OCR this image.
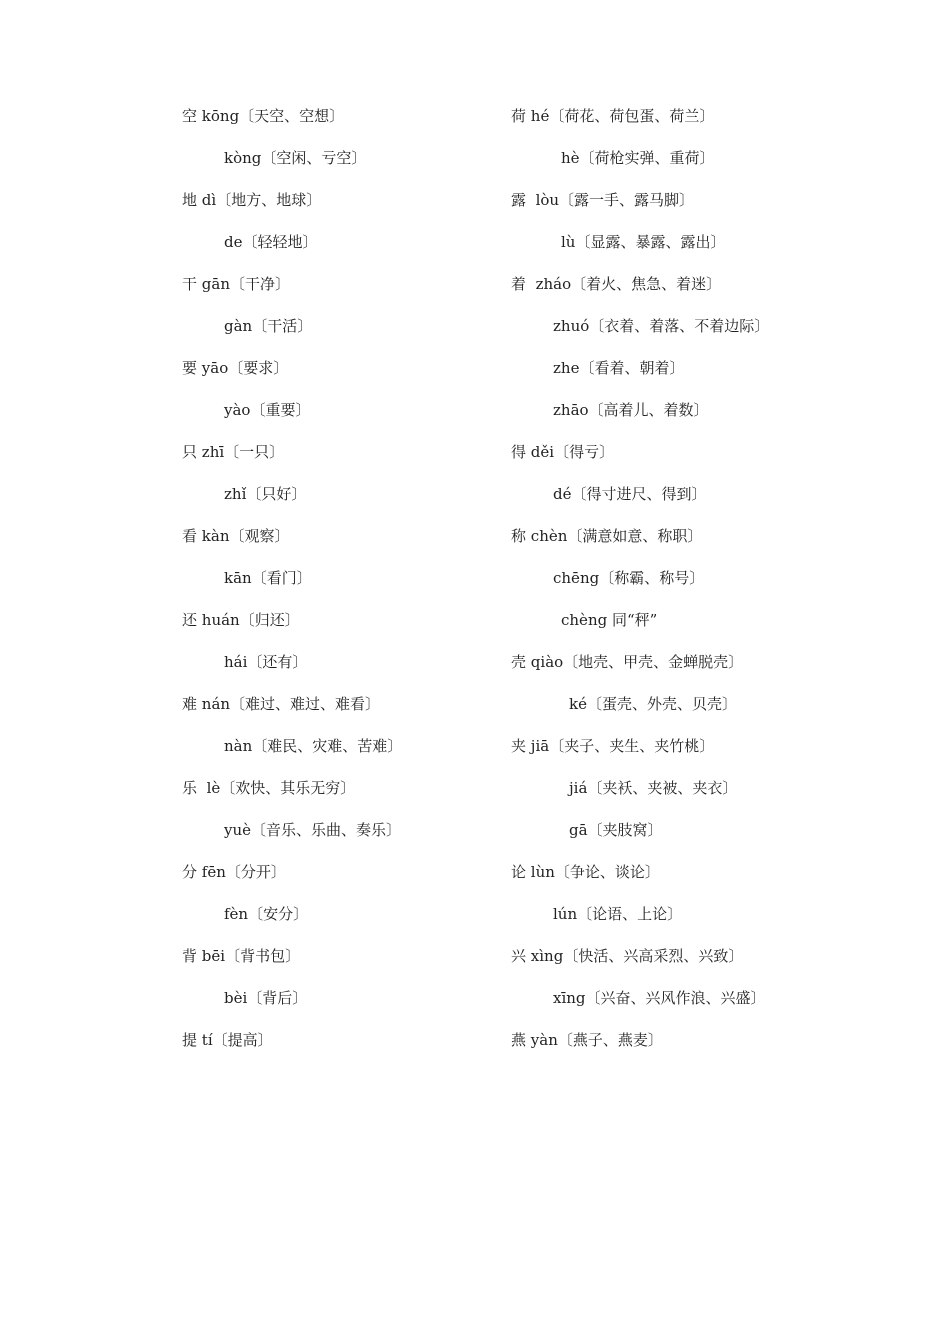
空 kōng〔天空、空想〕
kòng〔空闲、亏空〕
地 dì〔地方、地球〕
de〔轻轻地〕
干 gān〔干净〕
gàn〔干活〕
要 yāo〔要求〕
yào〔重要〕
只 zhī〔一只〕
zhǐ〔只好〕
看 kàn〔观察〕
kān〔看门〕
还 huán〔归还〕
hái〔还有〕
难 nán〔难过、难过、难看〕
nàn〔难民、灾难、苦难〕
乐 lè〔欢快、其乐无穷〕
yuè〔音乐、乐曲、奏乐〕
分 fēn〔分开〕
fèn〔安分〕
背 bēi〔背书包〕
bèi〔背后〕
提 tí〔提高〕
荷 hé〔荷花、荷包蛋、荷兰〕
hè〔荷枪实弹、重荷〕
露 lòu〔露一手、露马脚〕
lù〔显露、暴露、露出〕
着 zháo〔着火、焦急、着迷〕
zhuó〔衣着、着落、不着边际〕
zhe〔看着、朝着〕
zhāo〔高着儿、着数〕
得 děi〔得亏〕
dé〔得寸进尺、得到〕
称 chèn〔满意如意、称职〕
chēng〔称霸、称号〕
chèng 同“秤”
壳 qiào〔地壳、甲壳、金蝉脱壳〕
ké〔蛋壳、外壳、贝壳〕
夹 jiā〔夹子、夹生、夹竹桃〕
jiá〔夹袄、夹被、夹衣〕
gā〔夹肢窝〕
论 lùn〔争论、谈论〕
lún〔论语、上论〕
兴 xìng〔快活、兴高采烈、兴致〕
xīng〔兴奋、兴风作浪、兴盛〕
燕 yàn〔燕子、燕麦〕
